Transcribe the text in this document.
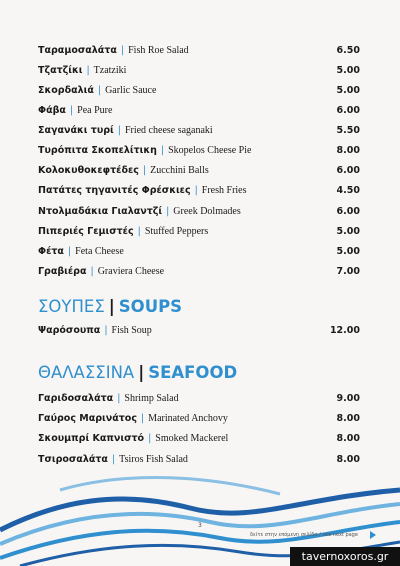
Ταραμοσαλάτα | Fish Roe Salad	6.50
Τζατζίκι | Tzatziki	5.00
Σκορδαλιά | Garlic Sauce	5.00
Φάβα | Pea Pure	6.00
Σαγανάκι τυρί | Fried cheese saganaki	5.50
Τυρόπιτα Σκοπελίτικη | Skopelos Cheese Pie	8.00
Κολοκυθοκεφτέδες | Zucchini Balls	6.00
Πατάτες τηγανιτές Φρέσκιες | Fresh Fries	4.50
Ντολμαδάκια Γιαλαντζί | Greek Dolmades	6.00
Πιπεριές Γεμιστές | Stuffed Peppers	5.00
Φέτα | Feta Cheese	5.00
Γραβιέρα | Graviera Cheese	7.00
ΣΟΥΠΕΣ | SOUPS
Ψαρόσουπα | Fish Soup	12.00
ΘΑΛΑΣΣΙΝΑ | SEAFOOD
Γαριδοσαλάτα | Shrimp Salad	9.00
Γαύρος Μαρινάτος | Marinated Anchovy	8.00
Σκουμπρί Καπνιστό | Smoked Mackerel	8.00
Τσιροσαλάτα | Tsiros Fish Salad	8.00
3
δείτε στην επόμενη σελίδα / see next page
tavernoxoros.gr
